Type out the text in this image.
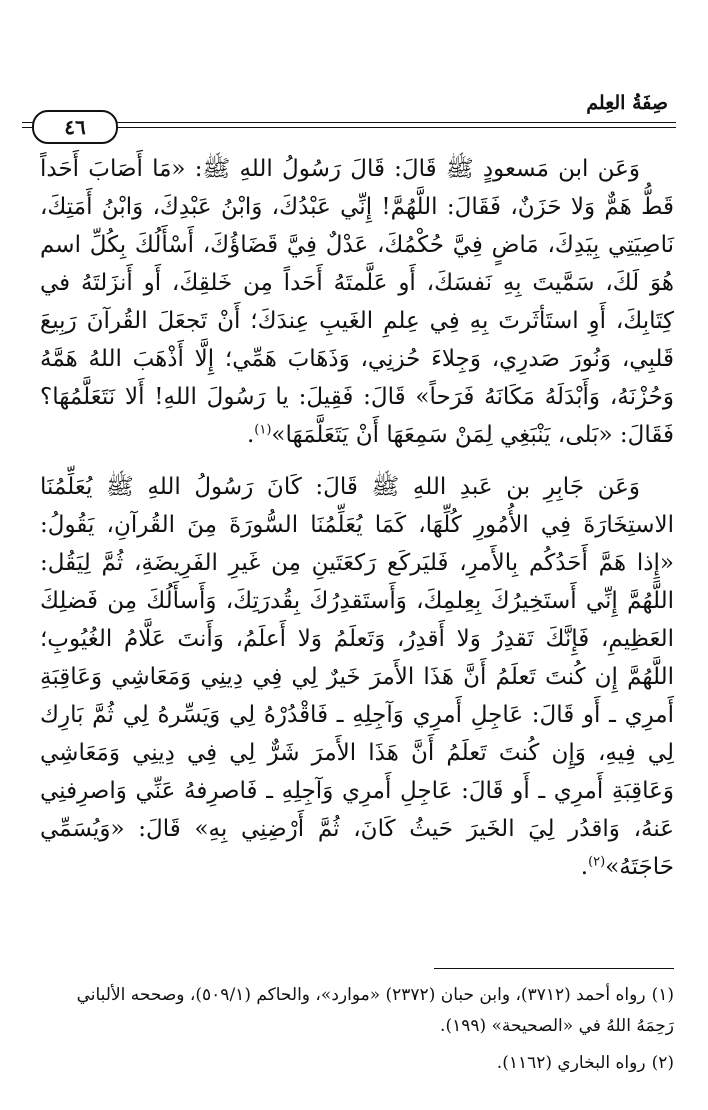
صِفَةُ العِلم
٤٦

وَعَن ابن مَسعودٍ ﷺ قَالَ: قَالَ رَسُولُ اللهِ ﷺ: «مَا أَصَابَ أَحَداً قَطُّ هَمٌّ وَلا حَزَنٌ، فَقَالَ: اللَّهُمَّ! إِنِّي عَبْدُكَ، وَابْنُ عَبْدِكَ، وَابْنُ أَمَتِكَ، نَاصِيَتِي بِيَدِكَ، مَاضٍ فِيَّ حُكْمُكَ، عَدْلٌ فِيَّ قَضَاؤُكَ، أَسْأَلُكَ بِكُلِّ اسم هُوَ لَكَ، سَمَّيتَ بِهِ نَفسَكَ، أَو عَلَّمتَهُ أَحَداً مِن خَلقِكَ، أَو أَنزَلتَهُ في كِتَابِكَ، أَوِ استَأثَرتَ بِهِ فِي عِلمِ الغَيبِ عِندَكَ؛ أَنْ تَجعَلَ القُرآنَ رَبِيعَ قَلبِي، وَنُورَ صَدرِي، وَجِلاءَ حُزنِي، وَذَهَابَ هَمِّي؛ إِلَّا أَذْهَبَ اللهُ هَمَّهُ وَحُزْنَهُ، وَأَبْدَلَهُ مَكَانَهُ فَرَحاً» قَالَ: فَقِيلَ: يا رَسُولَ اللهِ! أَلا نَتَعَلَّمُهَا؟ فَقَالَ: «بَلى، يَنْبَغِي لِمَنْ سَمِعَهَا أَنْ يَتَعَلَّمَهَا»$^{(١)}$.

وَعَن جَابِرِ بن عَبدِ اللهِ ﷺ قَالَ: كَانَ رَسُولُ اللهِ ﷺ يُعَلِّمُنَا الاستِخَارَةَ فِي الأُمُورِ كُلِّهَا، كَمَا يُعَلِّمُنَا السُّورَةَ مِنَ القُرآنِ، يَقُولُ: «إِذا هَمَّ أَحَدُكُم بِالأَمرِ، فَليَركَع رَكعَتَينِ مِن غَيرِ الفَرِيضَةِ، ثُمَّ لِيَقُل: اللَّهُمَّ إِنِّي أَستَخِيرُكَ بِعِلمِكَ، وَأَستَقدِرُكَ بِقُدرَتِكَ، وَأَسأَلُكَ مِن فَضلِكَ العَظِيمِ، فَإِنَّكَ تَقدِرُ وَلا أَقدِرُ، وَتَعلَمُ وَلا أَعلَمُ، وَأَنتَ عَلَّامُ الغُيُوبِ؛ اللَّهُمَّ إِن كُنتَ تَعلَمُ أَنَّ هَذَا الأَمرَ خَيرٌ لِي فِي دِينِي وَمَعَاشِي وَعَاقِبَةِ أَمرِي ـ أَو قَالَ: عَاجِلِ أَمرِي وَآجِلِهِ ـ فَاقْدُرْهُ لِي وَيَسِّرهُ لِي ثُمَّ بَارِك لِي فِيهِ، وَإِن كُنتَ تَعلَمُ أَنَّ هَذَا الأَمرَ شَرٌّ لِي فِي دِينِي وَمَعَاشِي وَعَاقِبَةِ أَمرِي ـ أَو قَالَ: عَاجِلِ أَمرِي وَآجِلِهِ ـ فَاصرِفهُ عَنِّي وَاصرِفنِي عَنهُ، وَاقدُر لِيَ الخَيرَ حَيثُ كَانَ، ثُمَّ أَرْضِنِي بِهِ» قَالَ: «وَيُسَمِّي حَاجَتَهُ»$^{(٢)}$.

(١)رواه أحمد (٣٧١٢)، وابن حبان (٢٣٧٢) «موارد»، والحاكم (٥٠٩/١)، وصححه الألباني رَحِمَهُ اللهُ في «الصحيحة» (١٩٩).
(٢)رواه البخاري (١١٦٢).
